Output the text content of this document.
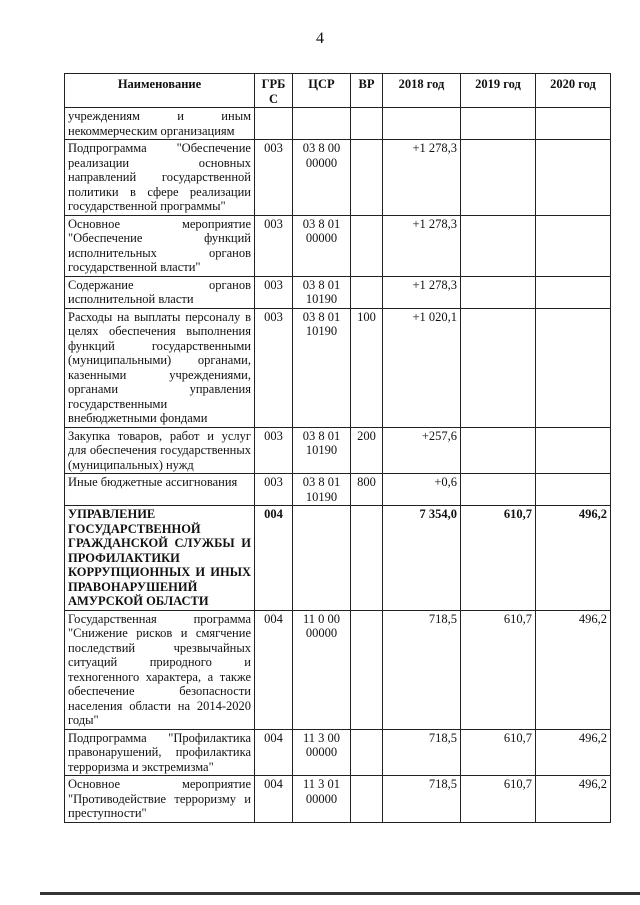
4
Наименование	ГРБС	ЦСР	ВР	2018 год	2019 год	2020 год
учреждениям и иным некоммерческим организациям						
Подпрограмма "Обеспечение реализации основных направлений государственной политики в сфере реализации государственной программы"	003	03 8 00 00000		+1 278,3		
Основное мероприятие "Обеспечение функций исполнительных органов государственной власти"	003	03 8 01 00000		+1 278,3		
Содержание органов исполнительной власти	003	03 8 01 10190		+1 278,3		
Расходы на выплаты персоналу в целях обеспечения выполнения функций государственными (муниципальными) органами, казенными учреждениями, органами управления государственными внебюджетными фондами	003	03 8 01 10190	100	+1 020,1		
Закупка товаров, работ и услуг для обеспечения государственных (муниципальных) нужд	003	03 8 01 10190	200	+257,6		
Иные бюджетные ассигнования	003	03 8 01 10190	800	+0,6		
УПРАВЛЕНИЕ ГОСУДАРСТВЕННОЙ ГРАЖДАНСКОЙ СЛУЖБЫ И ПРОФИЛАКТИКИ КОРРУПЦИОННЫХ И ИНЫХ ПРАВОНАРУШЕНИЙ АМУРСКОЙ ОБЛАСТИ	004			7 354,0	610,7	496,2
Государственная программа "Снижение рисков и смягчение последствий чрезвычайных ситуаций природного и техногенного характера, а также обеспечение безопасности населения области на 2014-2020 годы"	004	11 0 00 00000		718,5	610,7	496,2
Подпрограмма "Профилактика правонарушений, профилактика терроризма и экстремизма"	004	11 3 00 00000		718,5	610,7	496,2
Основное мероприятие "Противодействие терроризму и преступности"	004	11 3 01 00000		718,5	610,7	496,2
